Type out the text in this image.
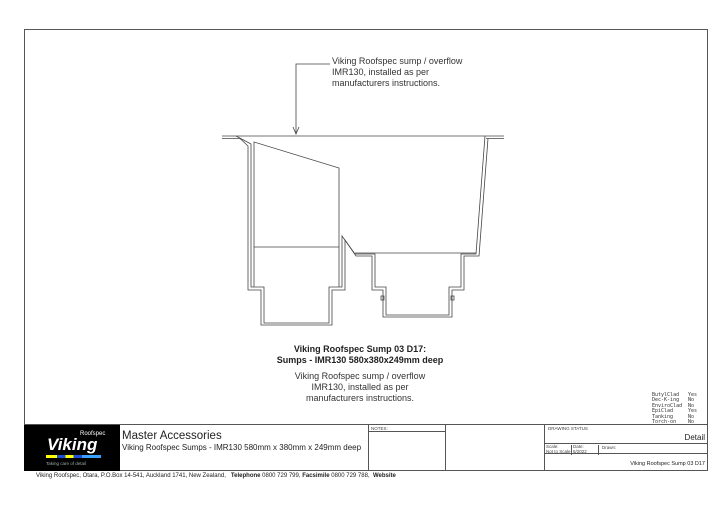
Viking Roofspec sump / overflow
IMR130, installed as per
manufacturers instructions.
Viking Roofspec Sump 03 D17:
Sumps - IMR130 580x380x249mm deep
Viking Roofspec sump / overflow
IMR130, installed as per
manufacturers instructions.	ButylClad	Yes
Dec-K-ing	No
EnviroClad No
EpiClad	Yes
Tanking	No
Torch-on	No
Roofspec
Viking
Taking care of detail
Master Accessories
Viking Roofspec Sumps - IMR130 580mm x 380mm x 249mm deep
NOTES:	DRAWING STATUS
Detail
Scale:
Not to Scale
Date:
6/2022
Drawn:
Viking Roofspec Sump 03 D17
Viking Roofspec, Otara, P.O.Box 14-541, Auckland 1741, New Zealand, Telephone 0800 729 799, Facsimile 0800 729 788, Website
